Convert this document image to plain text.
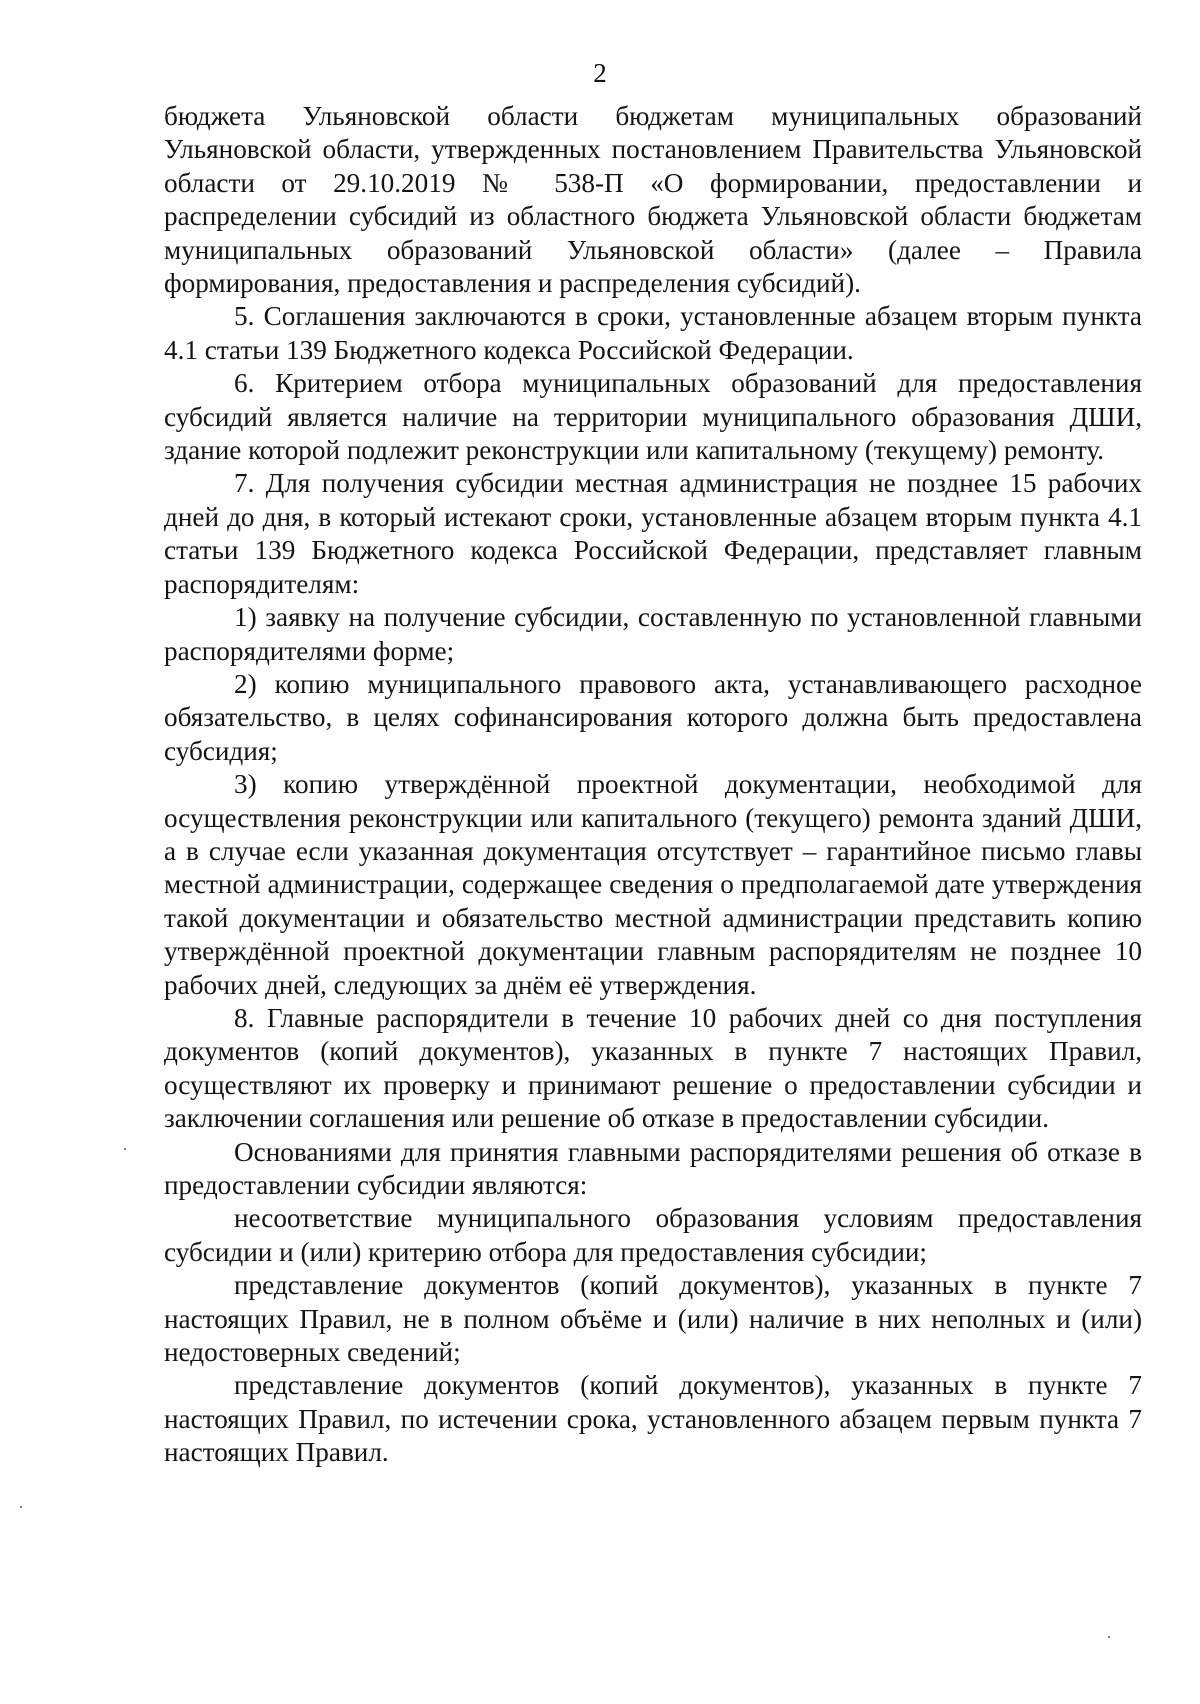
2

бюджета Ульяновской области бюджетам муниципальных образований Ульяновской области, утвержденных постановлением Правительства Ульяновской области от 29.10.2019 № 538-П «О формировании, предоставлении и распределении субсидий из областного бюджета Ульяновской области бюджетам муниципальных образований Ульяновской области» (далее – Правила формирования, предоставления и распределения субсидий).

5. Соглашения заключаются в сроки, установленные абзацем вторым пункта 4.1 статьи 139 Бюджетного кодекса Российской Федерации.

6. Критерием отбора муниципальных образований для предоставления субсидий является наличие на территории муниципального образования ДШИ, здание которой подлежит реконструкции или капитальному (текущему) ремонту.

7. Для получения субсидии местная администрация не позднее 15 рабочих дней до дня, в который истекают сроки, установленные абзацем вторым пункта 4.1 статьи 139 Бюджетного кодекса Российской Федерации, представляет главным распорядителям:

1) заявку на получение субсидии, составленную по установленной главными распорядителями форме;

2) копию муниципального правового акта, устанавливающего расходное обязательство, в целях софинансирования которого должна быть предоставлена субсидия;

3) копию утверждённой проектной документации, необходимой для осуществления реконструкции или капитального (текущего) ремонта зданий ДШИ, а в случае если указанная документация отсутствует – гарантийное письмо главы местной администрации, содержащее сведения о предполагаемой дате утверждения такой документации и обязательство местной администрации представить копию утверждённой проектной документации главным распорядителям не позднее 10 рабочих дней, следующих за днём её утверждения.

8. Главные распорядители в течение 10 рабочих дней со дня поступления документов (копий документов), указанных в пункте 7 настоящих Правил, осуществляют их проверку и принимают решение о предоставлении субсидии и заключении соглашения или решение об отказе в предоставлении субсидии.

Основаниями для принятия главными распорядителями решения об отказе в предоставлении субсидии являются:

несоответствие муниципального образования условиям предоставления субсидии и (или) критерию отбора для предоставления субсидии;

представление документов (копий документов), указанных в пункте 7 настоящих Правил, не в полном объёме и (или) наличие в них неполных и (или) недостоверных сведений;

представление документов (копий документов), указанных в пункте 7 настоящих Правил, по истечении срока, установленного абзацем первым пункта 7 настоящих Правил.
